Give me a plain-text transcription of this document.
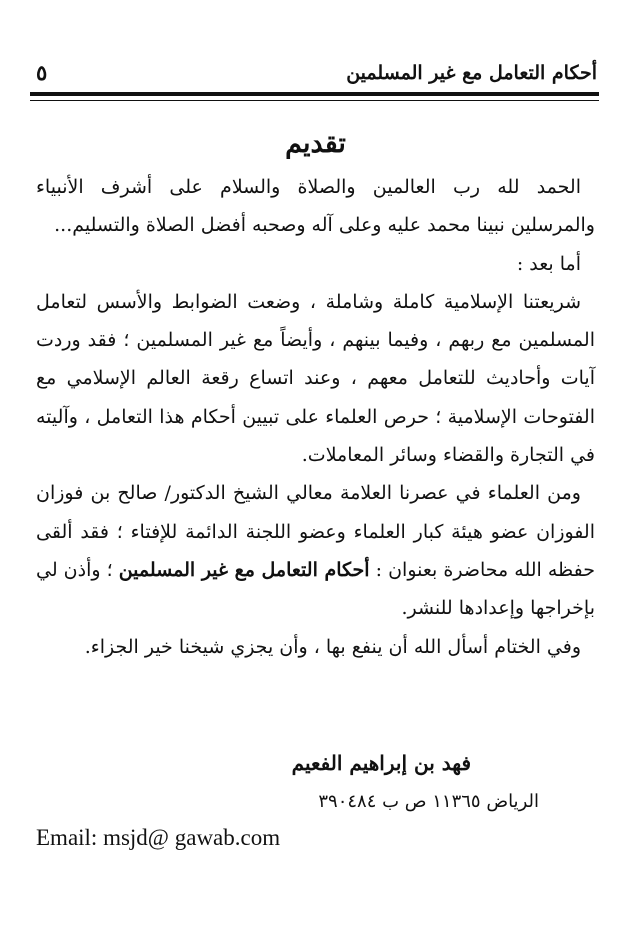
أحكام التعامل مع غير المسلمين
٥
تقديم

الحمد لله رب العالمين والصلاة والسلام على أشرف الأنبياء والمرسلين نبينا محمد عليه وعلى آله وصحبه أفضل الصلاة والتسليم...

أما بعد :

شريعتنا الإسلامية كاملة وشاملة ، وضعت الضوابط والأسس لتعامل المسلمين مع ربهم ، وفيما بينهم ، وأيضاً مع غير المسلمين ؛ فقد وردت آيات وأحاديث للتعامل معهم ، وعند اتساع رقعة العالم الإسلامي مع الفتوحات الإسلامية ؛ حرص العلماء على تبيين أحكام هذا التعامل ، وآليته في التجارة والقضاء وسائر المعاملات.

ومن العلماء في عصرنا العلامة معالي الشيخ الدكتور/ صالح بن فوزان الفوزان عضو هيئة كبار العلماء وعضو اللجنة الدائمة للإفتاء ؛ فقد ألقى حفظه الله محاضرة بعنوان : أحكام التعامل مع غير المسلمين ؛ وأذن لي بإخراجها وإعدادها للنشر.

وفي الختام أسأل الله أن ينفع بها ، وأن يجزي شيخنا خير الجزاء.

فهد بن إبراهيم الفعيم
الرياض ١١٣٦٥ ص ب ٣٩٠٤٨٤
Email: msjd@ gawab.com
